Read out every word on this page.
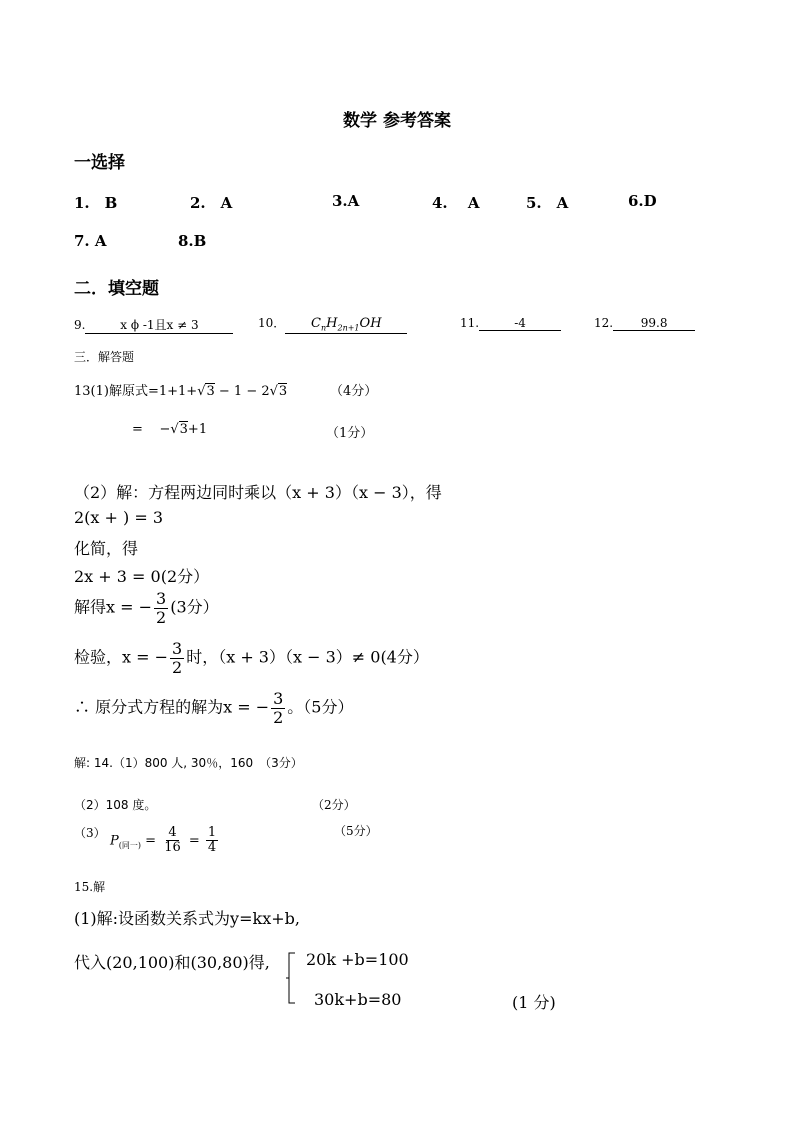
数学 参考答案
一选择
1.　B	2.　A	3.A	4.　 A	5.　A	6.D
7. A	8.B
二．填空题
9.	x ϕ -1且x ≠ 3	10． $C_nH_{2n+1}OH$	11.	-4	12. 99.8
三．解答题
13(1)解原式=1+1+√3 − 1 − 2√3	（4分）
= −√3+1	（1分）
（2）解：方程两边同时乘以（x + 3）（x − 3），得
2(x + ) = 3
化简，得
2x + 3 = 0(2分）
解得x = − $\frac{3}{2} (3$分）
检验，x = − $\frac{3}{2}$ 时，（x + 3）（x − 3）≠ 0(4分）
∴ 原分式方程的解为x = − $\frac{3}{2}$ 。（5分）
解: 14.（1）800 人, 30％，160　（3分）
（2）108 度。	（2分）
（3）	（5分）
$P_{(同一)} = \frac{4}{16} = \frac{1}{4}$
15.解
(1)解:设函数关系式为y=kx+b,
代入(20,100)和(30,80)得, 20k +b=100
30k+b=80	(1 分)
